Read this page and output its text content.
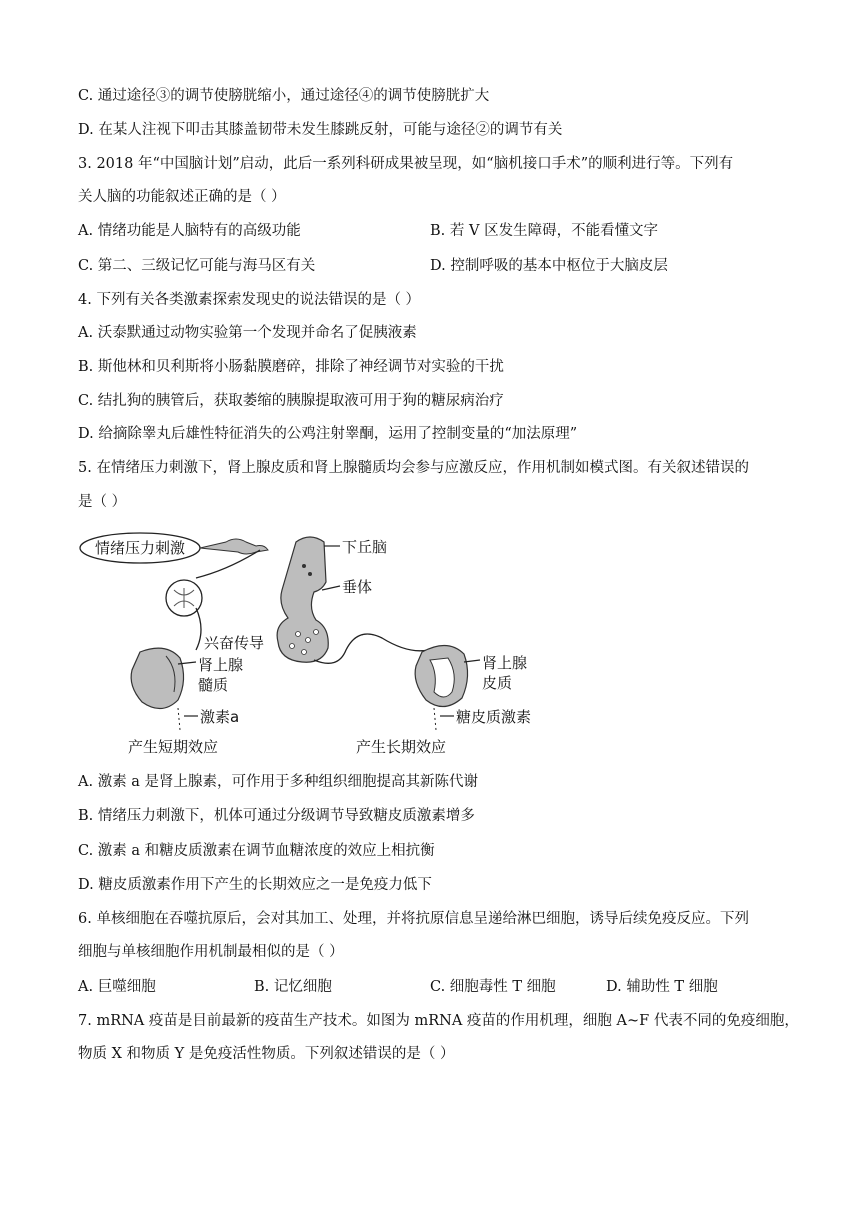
C. 通过途径③的调节使膀胱缩小，通过途径④的调节使膀胱扩大
D. 在某人注视下叩击其膝盖韧带未发生膝跳反射，可能与途径②的调节有关
3. 2018 年“中国脑计划”启动，此后一系列科研成果被呈现，如“脑机接口手术”的顺利进行等。下列有
关人脑的功能叙述正确的是（ ）
A. 情绪功能是人脑特有的高级功能	B. 若 V 区发生障碍，不能看懂文字
C. 第二、三级记忆可能与海马区有关	D. 控制呼吸的基本中枢位于大脑皮层
4. 下列有关各类激素探索发现史的说法错误的是（ ）
A. 沃泰默通过动物实验第一个发现并命名了促胰液素
B. 斯他林和贝利斯将小肠黏膜磨碎，排除了神经调节对实验的干扰
C. 结扎狗的胰管后，获取萎缩的胰腺提取液可用于狗的糖尿病治疗
D. 给摘除睾丸后雄性特征消失的公鸡注射睾酮，运用了控制变量的“加法原理”
5. 在情绪压力刺激下，肾上腺皮质和肾上腺髓质均会参与应激反应，作用机制如模式图。有关叙述错误的
是（ ）
情绪压力刺激	下丘脑
垂体
兴奋传导
肾上腺
髓质
激素a
产生短期效应
肾上腺
皮质
糖皮质激素
产生长期效应
A. 激素 a 是肾上腺素，可作用于多种组织细胞提高其新陈代谢
B. 情绪压力刺激下，机体可通过分级调节导致糖皮质激素增多
C. 激素 a 和糖皮质激素在调节血糖浓度的效应上相抗衡
D. 糖皮质激素作用下产生的长期效应之一是免疫力低下
6. 单核细胞在吞噬抗原后，会对其加工、处理，并将抗原信息呈递给淋巴细胞，诱导后续免疫反应。下列
细胞与单核细胞作用机制最相似的是（ ）
A. 巨噬细胞	B. 记忆细胞	C. 细胞毒性 T 细胞	D. 辅助性 T 细胞
7. mRNA 疫苗是目前最新的疫苗生产技术。如图为 mRNA 疫苗的作用机理，细胞 A~F 代表不同的免疫细胞，
物质 X 和物质 Y 是免疫活性物质。下列叙述错误的是（ ）
